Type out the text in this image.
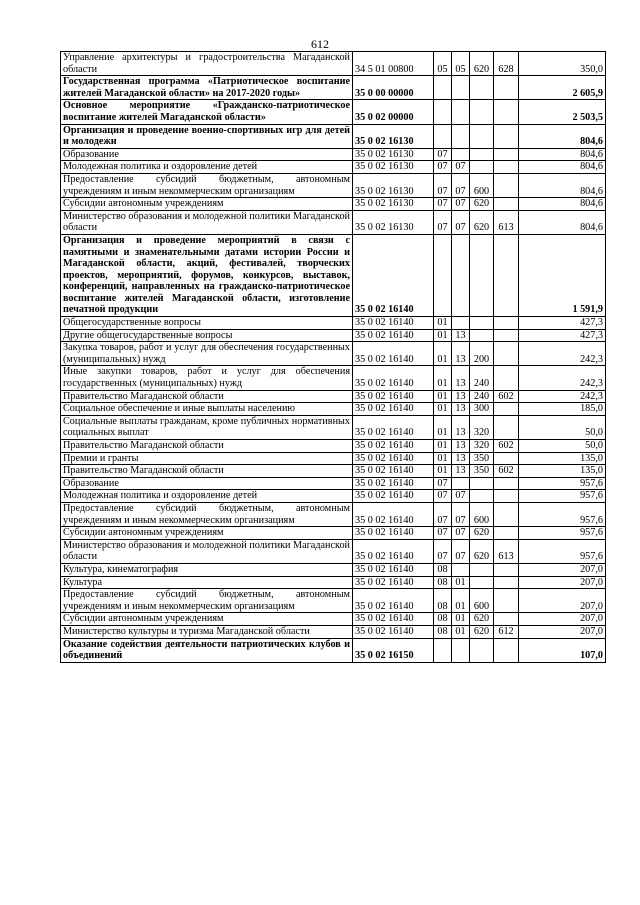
612
Управление архитектуры и градостроительства Магаданской области	34 5 01 00800	05	05	620	628	350,0
Государственная программа «Патриотическое воспитание жителей Магаданской области» на 2017-2020 годы»	35 0 00 00000					2 605,9
Основное мероприятие «Гражданско-патриотическое воспитание жителей Магаданской области»	35 0 02 00000					2 503,5
Организация и проведение военно-спортивных игр для детей и молодежи	35 0 02 16130					804,6
Образование	35 0 02 16130	07				804,6
Молодежная политика и оздоровление детей	35 0 02 16130	07	07			804,6
Предоставление субсидий бюджетным, автономным учреждениям и иным некоммерческим организациям	35 0 02 16130	07	07	600		804,6
Субсидии автономным учреждениям	35 0 02 16130	07	07	620		804,6
Министерство образования и молодежной политики Магаданской области	35 0 02 16130	07	07	620	613	804,6
Организация и проведение мероприятий в связи с памятными и знаменательными датами истории России и Магаданской области, акций, фестивалей, творческих проектов, мероприятий, форумов, конкурсов, выставок, конференций, направленных на гражданско-патриотическое воспитание жителей Магаданской области, изготовление печатной продукции	35 0 02 16140					1 591,9
Общегосударственные вопросы	35 0 02 16140	01				427,3
Другие общегосударственные вопросы	35 0 02 16140	01	13			427,3
Закупка товаров, работ и услуг для обеспечения государственных (муниципальных) нужд	35 0 02 16140	01	13	200		242,3
Иные закупки товаров, работ и услуг для обеспечения государственных (муниципальных) нужд	35 0 02 16140	01	13	240		242,3
Правительство Магаданской области	35 0 02 16140	01	13	240	602	242,3
Социальное обеспечение и иные выплаты населению	35 0 02 16140	01	13	300		185,0
Социальные выплаты гражданам, кроме публичных нормативных социальных выплат	35 0 02 16140	01	13	320		50,0
Правительство Магаданской области	35 0 02 16140	01	13	320	602	50,0
Премии и гранты	35 0 02 16140	01	13	350		135,0
Правительство Магаданской области	35 0 02 16140	01	13	350	602	135,0
Образование	35 0 02 16140	07				957,6
Молодежная политика и оздоровление детей	35 0 02 16140	07	07			957,6
Предоставление субсидий бюджетным, автономным учреждениям и иным некоммерческим организациям	35 0 02 16140	07	07	600		957,6
Субсидии автономным учреждениям	35 0 02 16140	07	07	620		957,6
Министерство образования и молодежной политики Магаданской области	35 0 02 16140	07	07	620	613	957,6
Культура, кинематография	35 0 02 16140	08				207,0
Культура	35 0 02 16140	08	01			207,0
Предоставление субсидий бюджетным, автономным учреждениям и иным некоммерческим организациям	35 0 02 16140	08	01	600		207,0
Субсидии автономным учреждениям	35 0 02 16140	08	01	620		207,0
Министерство культуры и туризма Магаданской области	35 0 02 16140	08	01	620	612	207,0
Оказание содействия деятельности патриотических клубов и объединений	35 0 02 16150					107,0
